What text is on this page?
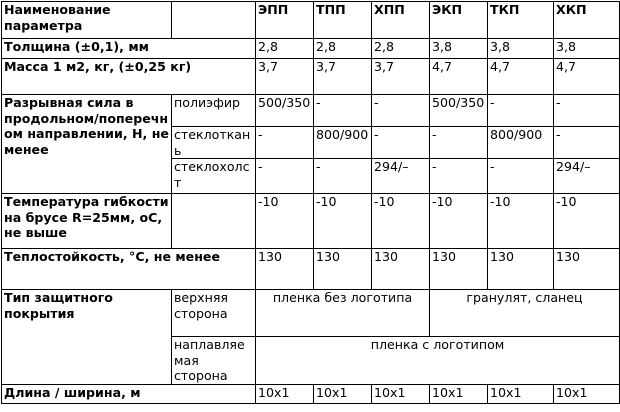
Наименование параметра		ЭПП	ТПП	ХПП	ЭКП	ТКП	ХКП
Толщина (±0,1), мм		2,8	2,8	2,8	3,8	3,8	3,8
Масса 1 м2, кг, (±0,25 кг)		3,7	3,7	3,7	4,7	4,7	4,7
Разрывная сила в продольном/поперечн ом направлении, Н, не менее	полиэфир	500/350	-	-	500/350	-	-
	стеклоткань	-	800/900	-	-	800/900	-
	стеклохолст	-	-	294/–	-	-	294/–
Температура гибкости на брусе R=25мм, оС, не выше		-10	-10	-10	-10	-10	-10
Теплостойкость, °С, не менее		130	130	130	130	130	130
Тип защитного покрытия	верхняя сторона	пленка без логотипа			гранулят, сланец		
	наплавляемая сторона	пленка с логотипом					
Длина / ширина, м		10x1	10x1	10x1	10x1	10x1	10x1
